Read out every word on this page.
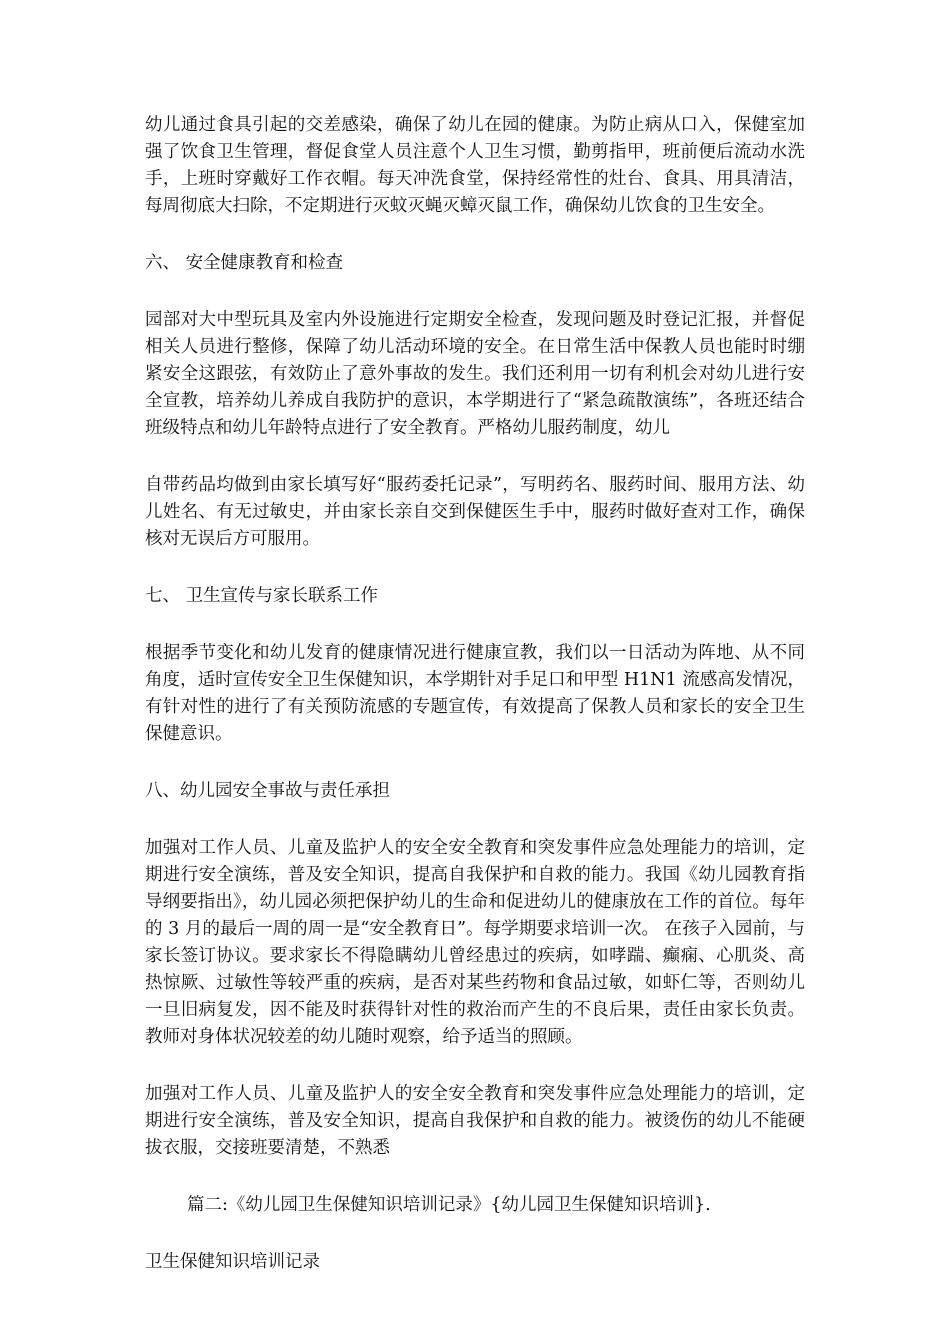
幼儿通过食具引起的交差感染，确保了幼儿在园的健康。为防止病从口入，保健室加强了饮食卫生管理，督促食堂人员注意个人卫生习惯，勤剪指甲，班前便后流动水洗手，上班时穿戴好工作衣帽。每天冲洗食堂，保持经常性的灶台、食具、用具清洁，每周彻底大扫除，不定期进行灭蚊灭蝇灭蟑灭鼠工作，确保幼儿饮食的卫生安全。

六、 安全健康教育和检查

园部对大中型玩具及室内外设施进行定期安全检查，发现问题及时登记汇报，并督促相关人员进行整修，保障了幼儿活动环境的安全。在日常生活中保教人员也能时时绷紧安全这跟弦，有效防止了意外事故的发生。我们还利用一切有利机会对幼儿进行安全宣教，培养幼儿养成自我防护的意识，本学期进行了“紧急疏散演练”，各班还结合班级特点和幼儿年龄特点进行了安全教育。严格幼儿服药制度，幼儿

自带药品均做到由家长填写好“服药委托记录”，写明药名、服药时间、服用方法、幼儿姓名、有无过敏史，并由家长亲自交到保健医生手中，服药时做好查对工作，确保核对无误后方可服用。

七、 卫生宣传与家长联系工作

根据季节变化和幼儿发育的健康情况进行健康宣教，我们以一日活动为阵地、从不同角度，适时宣传安全卫生保健知识，本学期针对手足口和甲型 H1N1 流感高发情况，有针对性的进行了有关预防流感的专题宣传，有效提高了保教人员和家长的安全卫生保健意识。

八、幼儿园安全事故与责任承担

加强对工作人员、儿童及监护人的安全安全教育和突发事件应急处理能力的培训，定期进行安全演练，普及安全知识，提高自我保护和自救的能力。我国《幼儿园教育指导纲要指出》，幼儿园必须把保护幼儿的生命和促进幼儿的健康放在工作的首位。每年的 3 月的最后一周的周一是“安全教育日”。每学期要求培训一次。 在孩子入园前，与家长签订协议。要求家长不得隐瞒幼儿曾经患过的疾病，如哮踹、癫痫、心肌炎、高热惊厥、过敏性等较严重的疾病，是否对某些药物和食品过敏，如虾仁等，否则幼儿一旦旧病复发，因不能及时获得针对性的救治而产生的不良后果，责任由家长负责。教师对身体状况较差的幼儿随时观察，给予适当的照顾。

加强对工作人员、儿童及监护人的安全安全教育和突发事件应急处理能力的培训，定期进行安全演练，普及安全知识，提高自我保护和自救的能力。被烫伤的幼儿不能硬拔衣服，交接班要清楚，不熟悉

篇二:《幼儿园卫生保健知识培训记录》{幼儿园卫生保健知识培训}.

卫生保健知识培训记录
